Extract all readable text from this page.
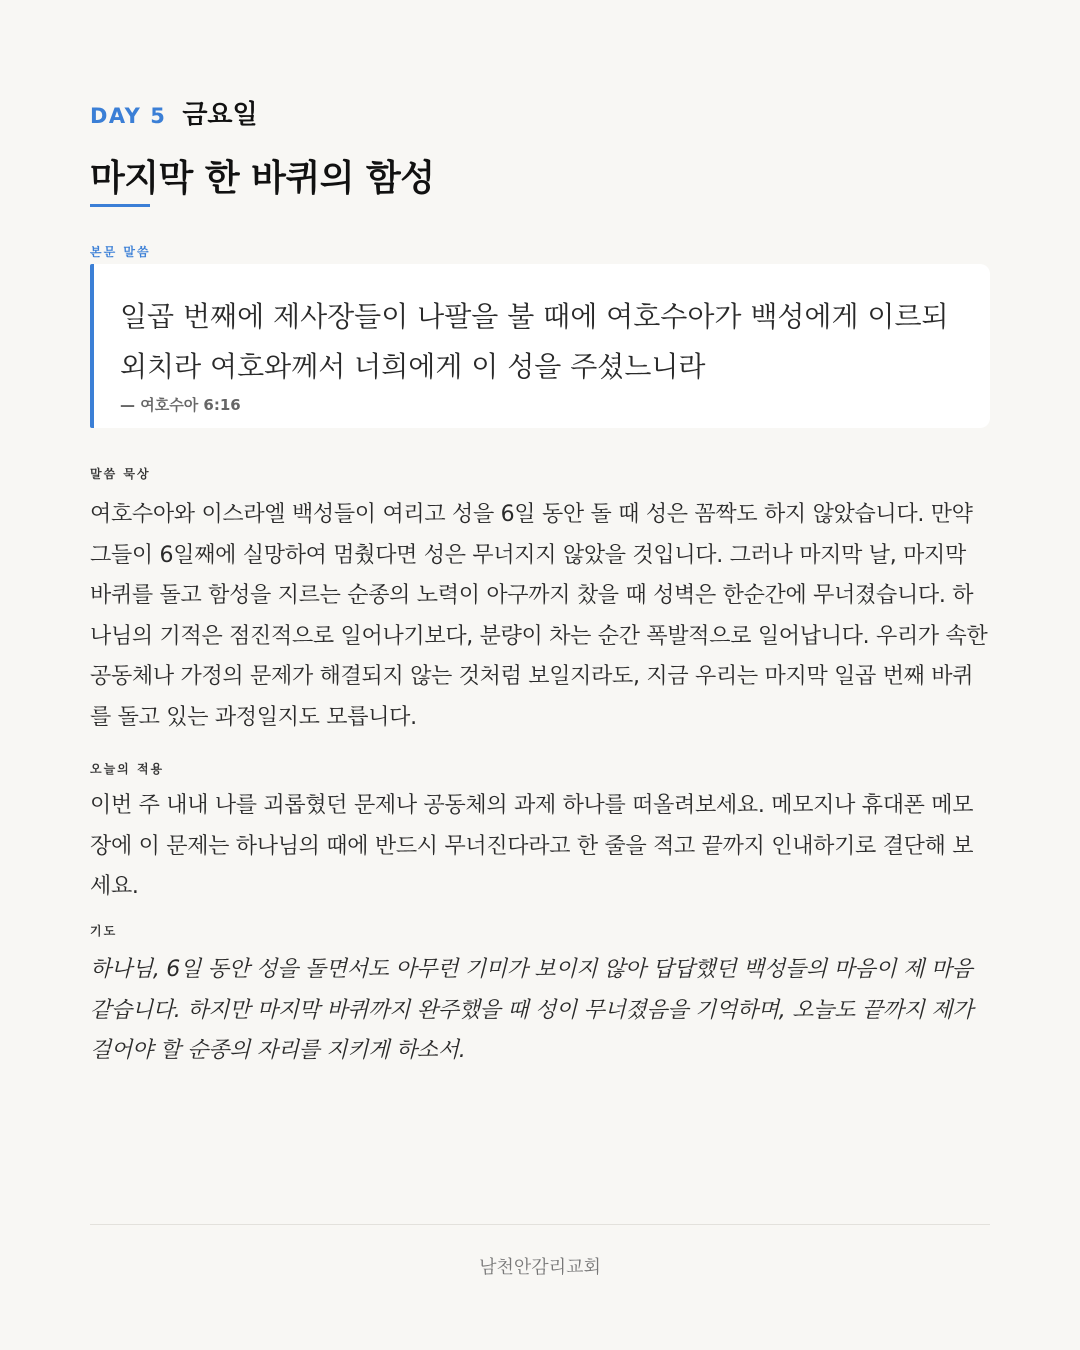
DAY 5 금요일
마지막 한 바퀴의 함성
본문 말씀
일곱 번째에 제사장들이 나팔을 불 때에 여호수아가 백성에게 이르되 외치라 여호와께서 너희에게 이 성을 주셨느니라
— 여호수아 6:16
말씀 묵상
여호수아와 이스라엘 백성들이 여리고 성을 6일 동안 돌 때 성은 꼼짝도 하지 않았습니다. 만약 그들이 6일째에 실망하여 멈췄다면 성은 무너지지 않았을 것입니다. 그러나 마지막 날, 마지막 바퀴를 돌고 함성을 지르는 순종의 노력이 아구까지 찼을 때 성벽은 한순간에 무너졌습니다. 하나님의 기적은 점진적으로 일어나기보다, 분량이 차는 순간 폭발적으로 일어납니다. 우리가 속한 공동체나 가정의 문제가 해결되지 않는 것처럼 보일지라도, 지금 우리는 마지막 일곱 번째 바퀴를 돌고 있는 과정일지도 모릅니다.
오늘의 적용
이번 주 내내 나를 괴롭혔던 문제나 공동체의 과제 하나를 떠올려보세요. 메모지나 휴대폰 메모장에 이 문제는 하나님의 때에 반드시 무너진다라고 한 줄을 적고 끝까지 인내하기로 결단해 보세요.
기도
하나님, 6일 동안 성을 돌면서도 아무런 기미가 보이지 않아 답답했던 백성들의 마음이 제 마음 같습니다. 하지만 마지막 바퀴까지 완주했을 때 성이 무너졌음을 기억하며, 오늘도 끝까지 제가 걸어야 할 순종의 자리를 지키게 하소서.
남천안감리교회
